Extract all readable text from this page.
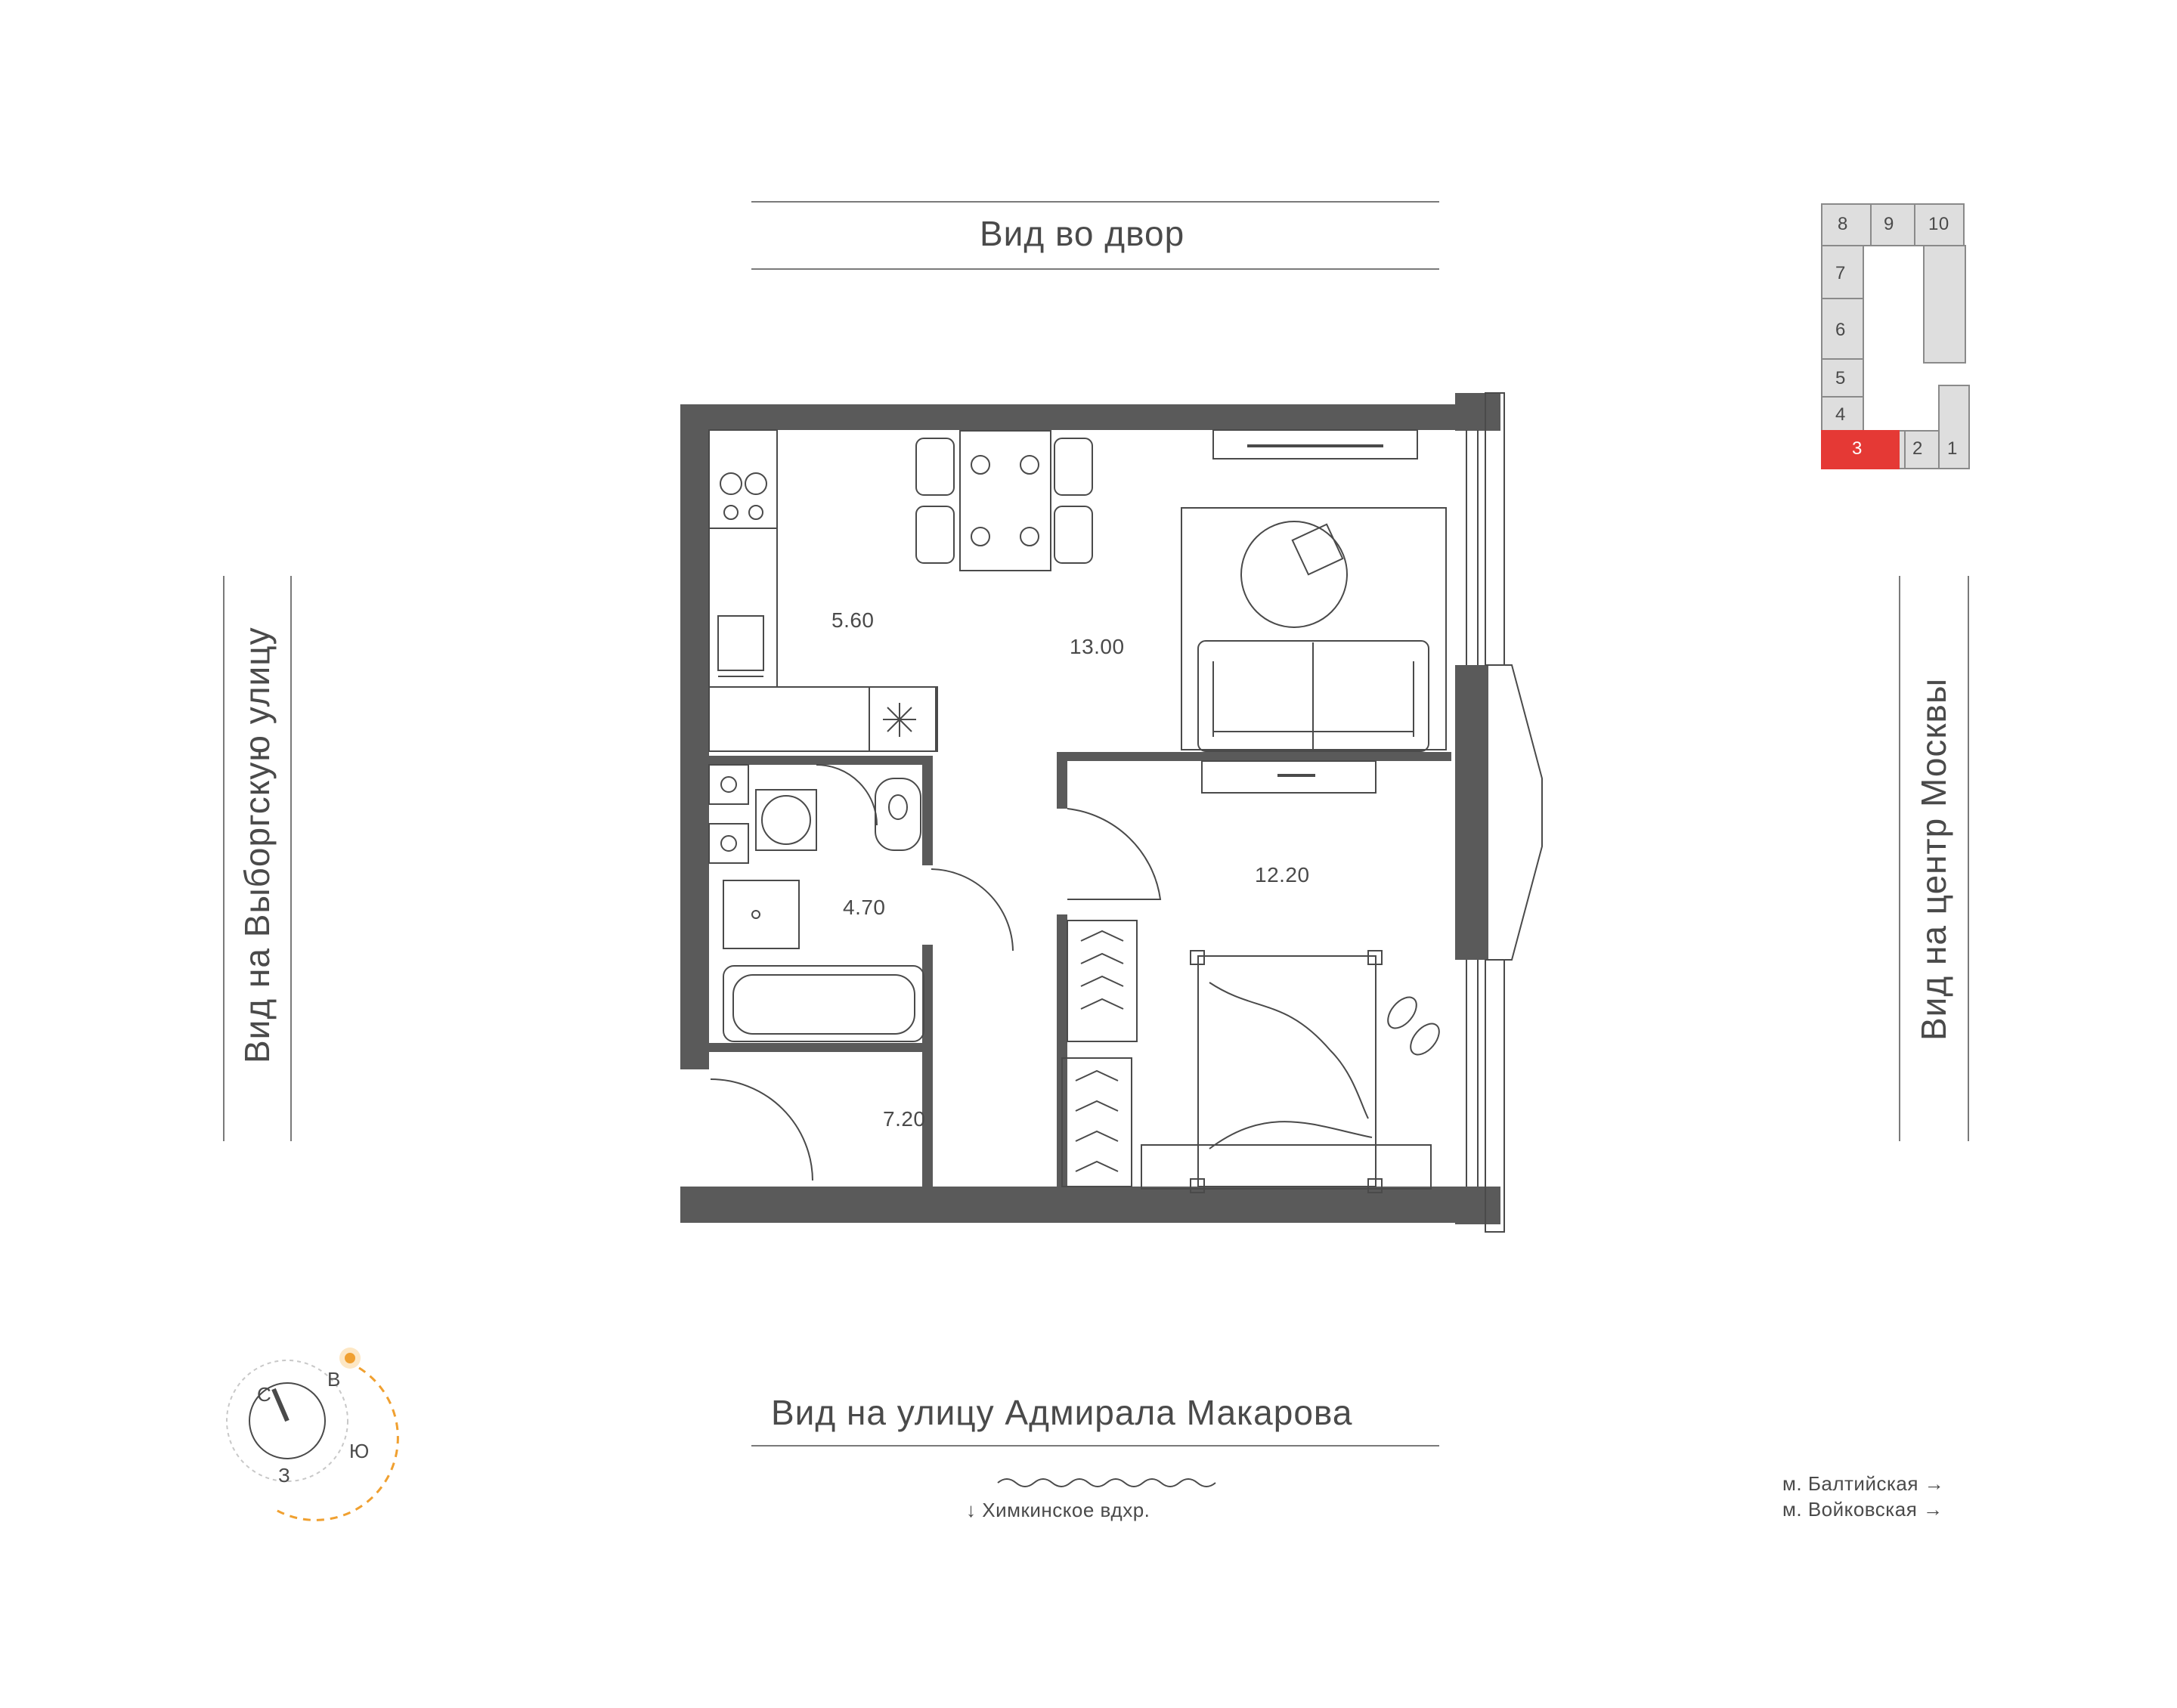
Вид во двор
Вид на улицу Адмирала Макарова
Вид на Выборгскую улицу	Вид на центр Москвы
5.60
13.00
4.70
12.20
7.20
↓ Химкинское вдхр.
м. Балтийская →
м. Войковская →
С
В
Ю
З
8 9 10
7
6
5
4
3	2 1
